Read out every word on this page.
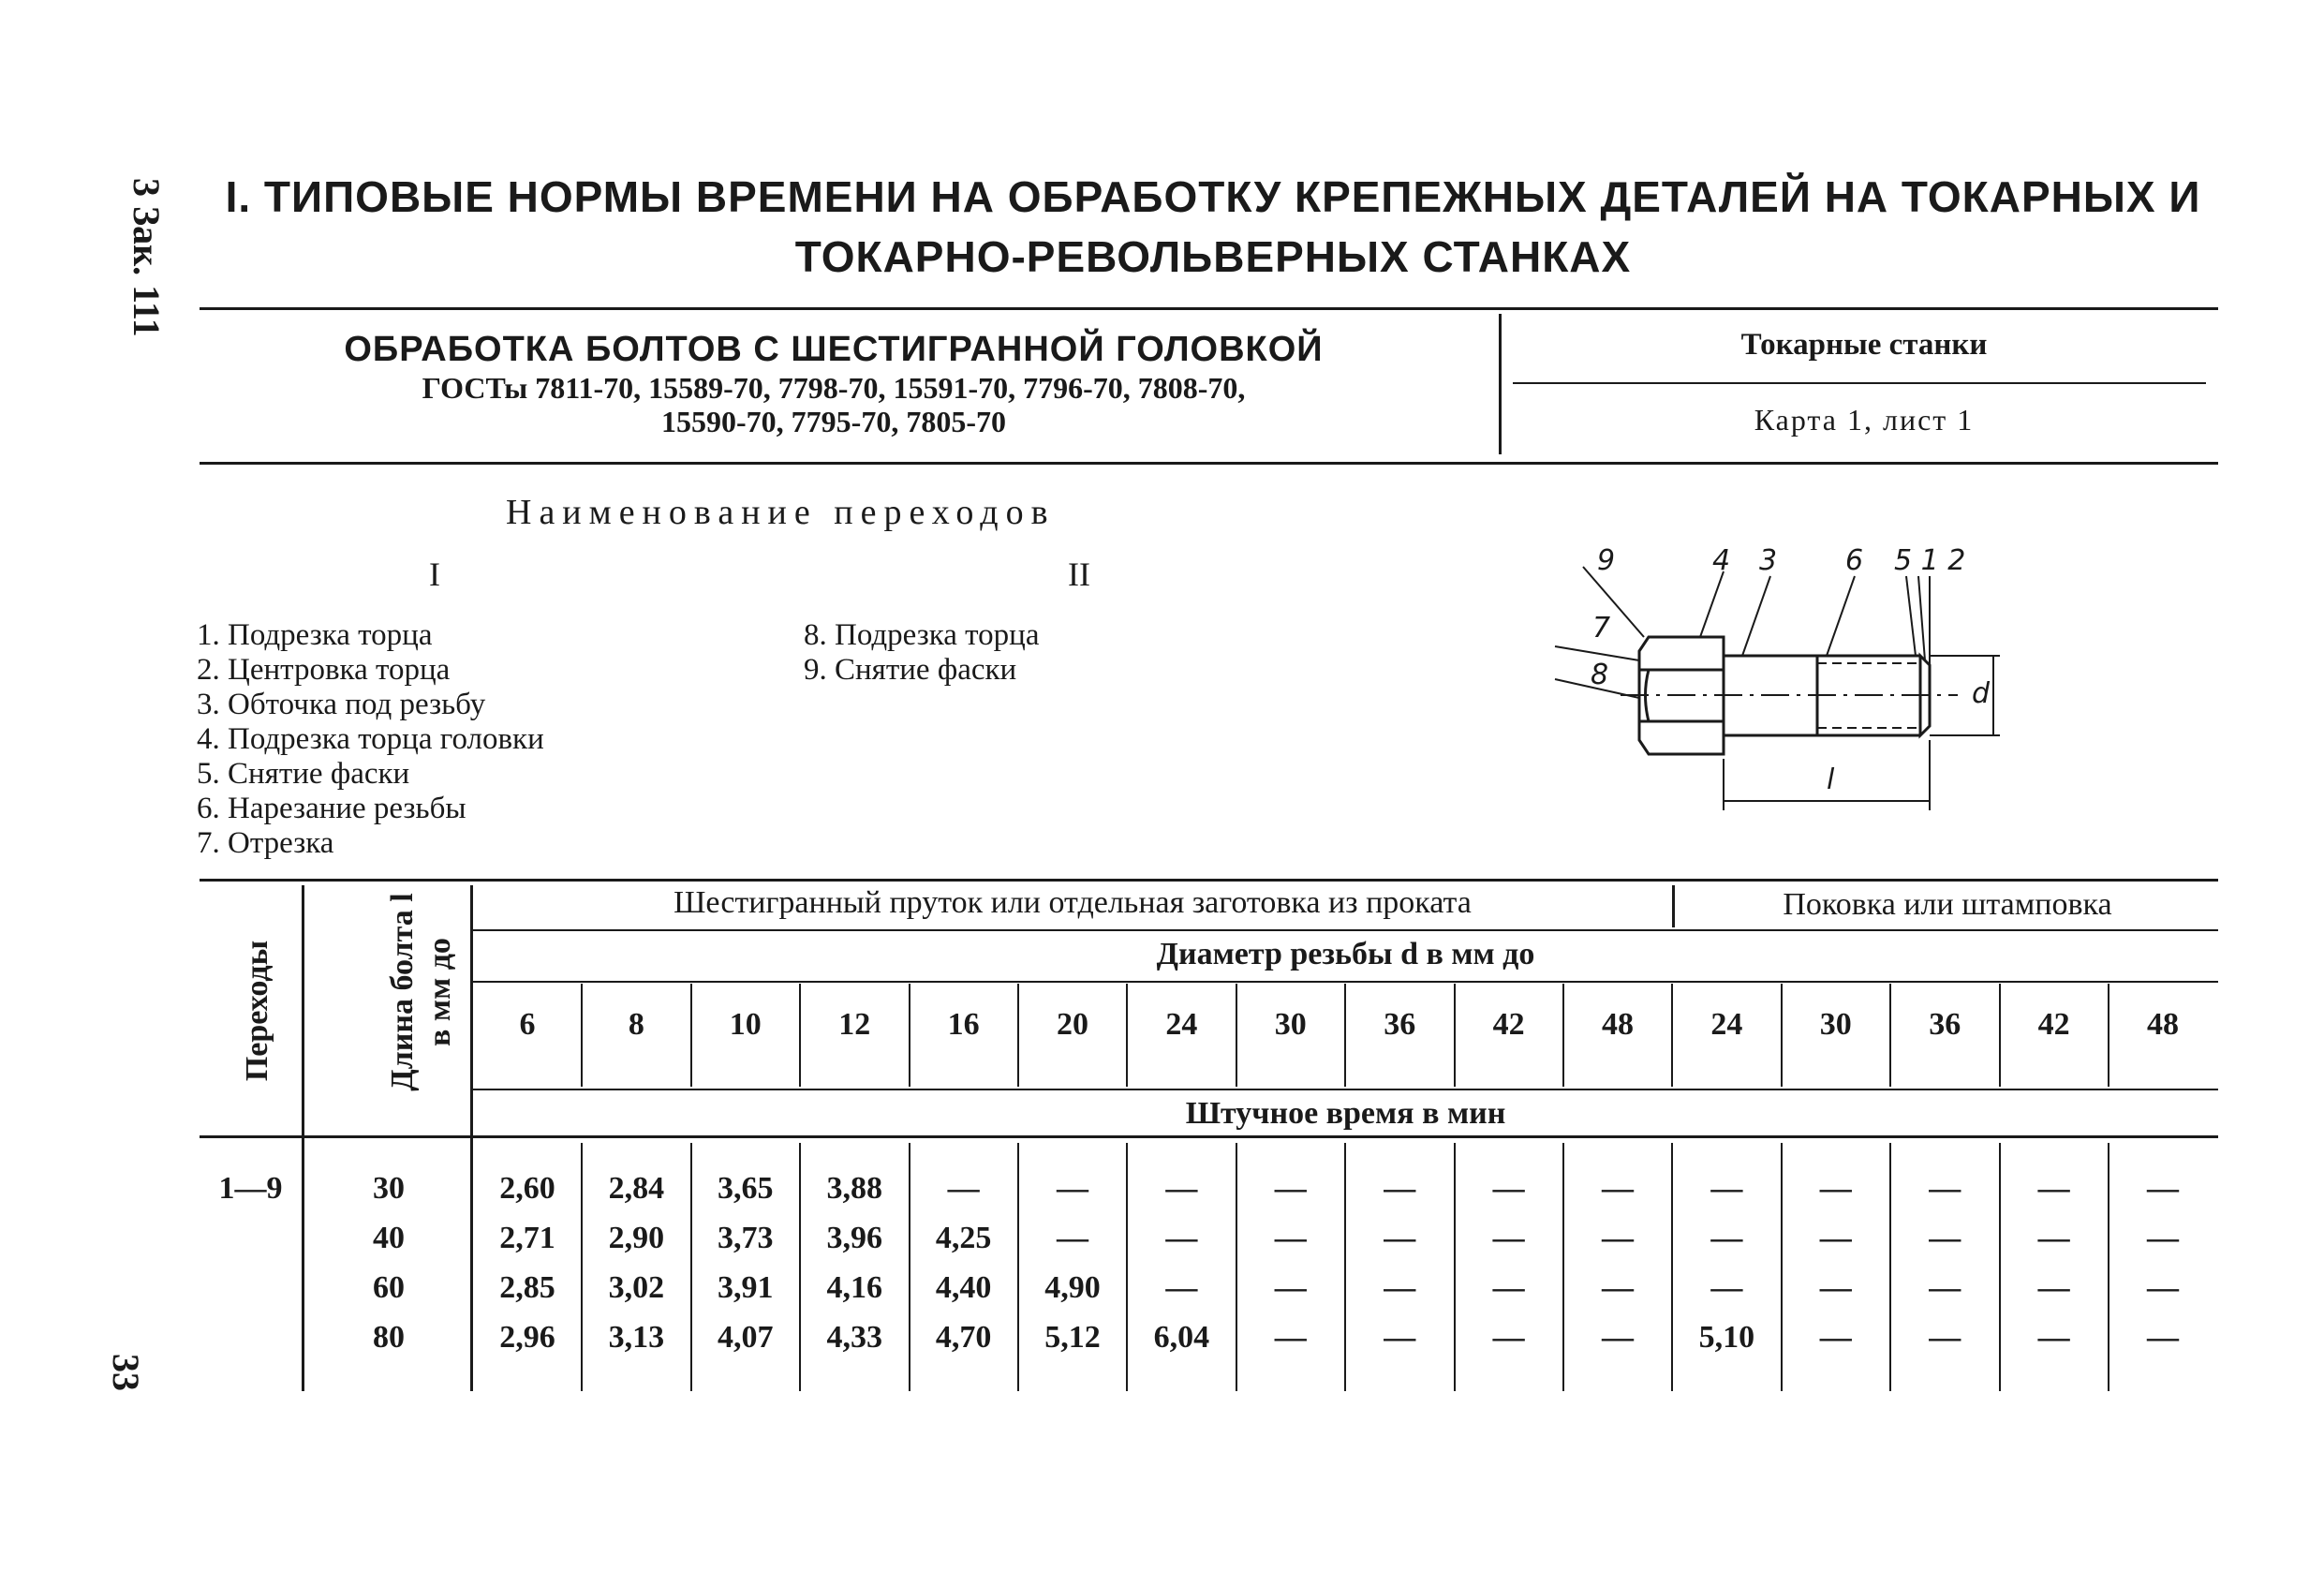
3 Зак. 111
33
I. ТИПОВЫЕ НОРМЫ ВРЕМЕНИ НА ОБРАБОТКУ КРЕПЕЖНЫХ ДЕТАЛЕЙ НА ТОКАРНЫХ И
ТОКАРНО-РЕВОЛЬВЕРНЫХ СТАНКАХ
ОБРАБОТКА БОЛТОВ С ШЕСТИГРАННОЙ ГОЛОВКОЙ
ГОСТы 7811-70, 15589-70, 7798-70, 15591-70, 7796-70, 7808-70,
15590-70, 7795-70, 7805-70
Токарные станки
Карта 1, лист 1
Наименование переходов
I	II
1. Подрезка торца
2. Центровка торца
3. Обточка под резьбу
4. Подрезка торца головки
5. Снятие фаски
6. Нарезание резьбы
7. Отрезка
8. Подрезка торца
9. Снятие фаски
9	4 3 6 5 1 2
7
8
d
l
Переходы	Длина болта l в мм до
Шестигранный пруток или отдельная заготовка из проката	Поковка или штамповка
Диаметр резьбы d в мм до
Штучное время в мин
6	8	10	12	16	20	24	30	36	42	48	24	30	36	42	48
1—9	30	2,60	2,84	3,65	3,88	—	—	—	—	—	—	—	—	—	—	—	—
40	2,71	2,90	3,73	3,96	4,25	—	—	—	—	—	—	—	—	—	—	—
60	2,85	3,02	3,91	4,16	4,40	4,90	—	—	—	—	—	—	—	—	—	—
80	2,96	3,13	4,07	4,33	4,70	5,12	6,04	—	—	—	—	5,10	—	—	—	—
